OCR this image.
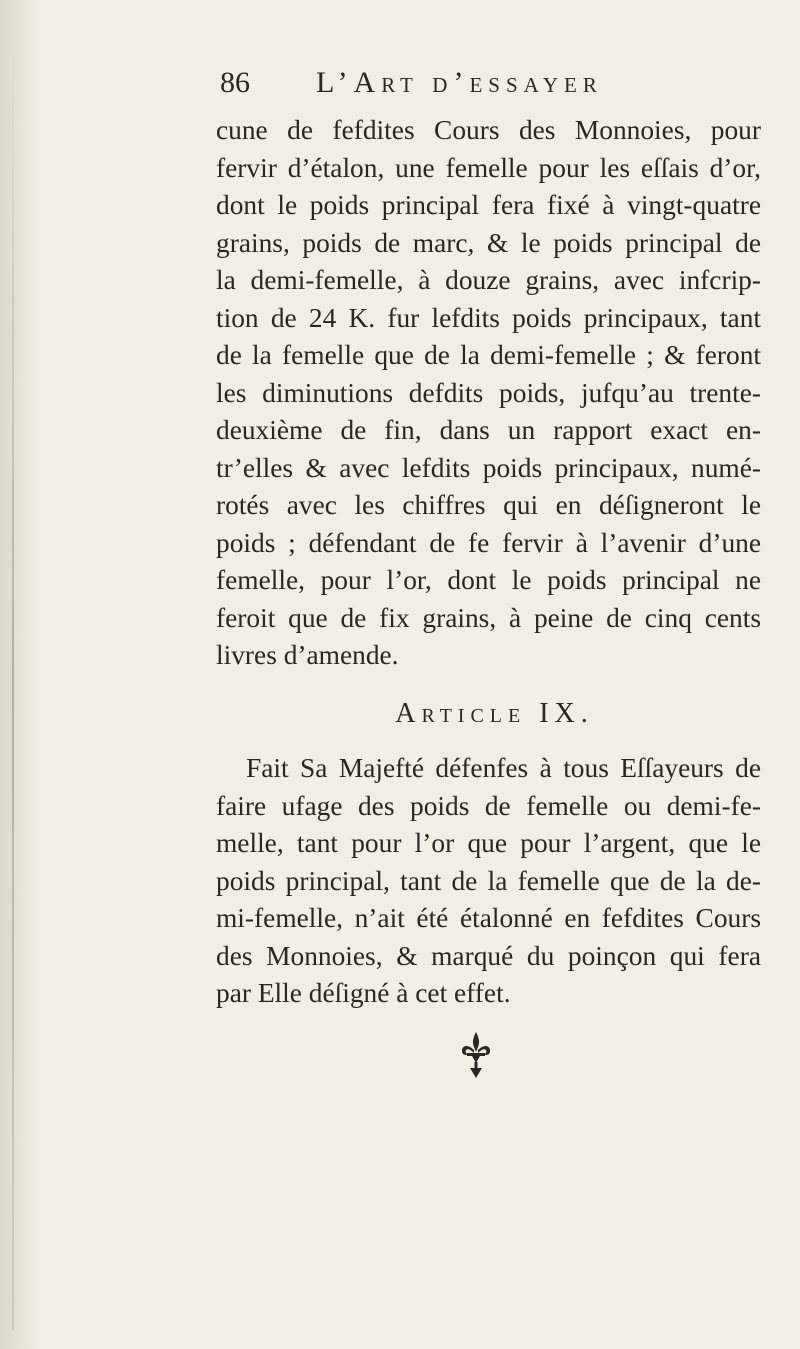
86 L’Art d’essayer
cune de fefdites Cours des Monnoies, pour
fervir d’étalon, une femelle pour les eſſais d’or,
dont le poids principal fera fixé à vingt-quatre
grains, poids de marc, & le poids principal de
la demi-femelle, à douze grains, avec infcrip-
tion de 24 K. fur lefdits poids principaux, tant
de la femelle que de la demi-femelle ; & feront
les diminutions defdits poids, jufqu’au trente-
deuxième de fin, dans un rapport exact en-
tr’elles & avec lefdits poids principaux, numé-
rotés avec les chiffres qui en déſigneront le
poids ; défendant de fe fervir à l’avenir d’une
femelle, pour l’or, dont le poids principal ne
feroit que de fix grains, à peine de cinq cents
livres d’amende.
Article IX.
Fait Sa Majefté défenfes à tous Eſſayeurs de
faire ufage des poids de femelle ou demi-fe-
melle, tant pour l’or que pour l’argent, que le
poids principal, tant de la femelle que de la de-
mi-femelle, n’ait été étalonné en fefdites Cours
des Monnoies, & marqué du poinçon qui fera
par Elle déſigné à cet effet.
